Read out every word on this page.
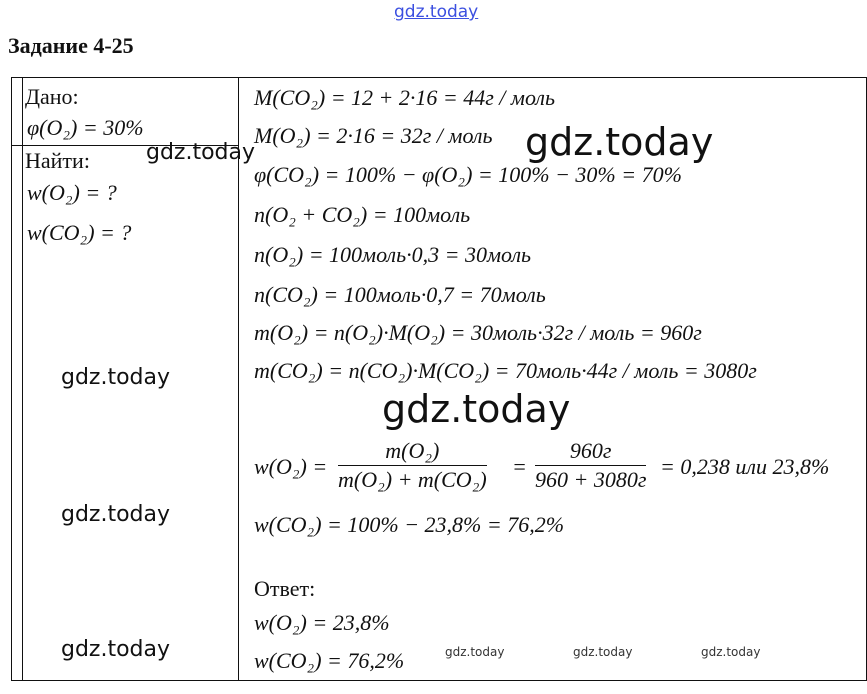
gdz.today
Задание 4-25
Дано:
φ(O₂) = 30%
Найти:
w(O₂) = ?
w(CO₂) = ?
M(CO₂) = 12 + 2·16 = 44г / моль
M(O₂) = 2·16 = 32г / моль
φ(CO₂) = 100% − φ(O₂) = 100% − 30% = 70%
n(O₂ + CO₂) = 100моль
n(O₂) = 100моль·0,3 = 30моль
n(CO₂) = 100моль·0,7 = 70моль
m(O₂) = n(O₂)·M(O₂) = 30моль·32г / моль = 960г
m(CO₂) = n(CO₂)·M(CO₂) = 70моль·44г / моль = 3080г
w(O₂) =
m(O₂)
m(O₂) + m(CO₂)
=
960г
960 + 3080г
= 0,238 или 23,8%
w(CO₂) = 100% − 23,8% = 76,2%
Ответ:
w(O₂) = 23,8%
w(CO₂) = 76,2%
gdz.today
gdz.today
gdz.today
gdz.today
gdz.today
gdz.today	gdz.today	gdz.today	gdz.today
